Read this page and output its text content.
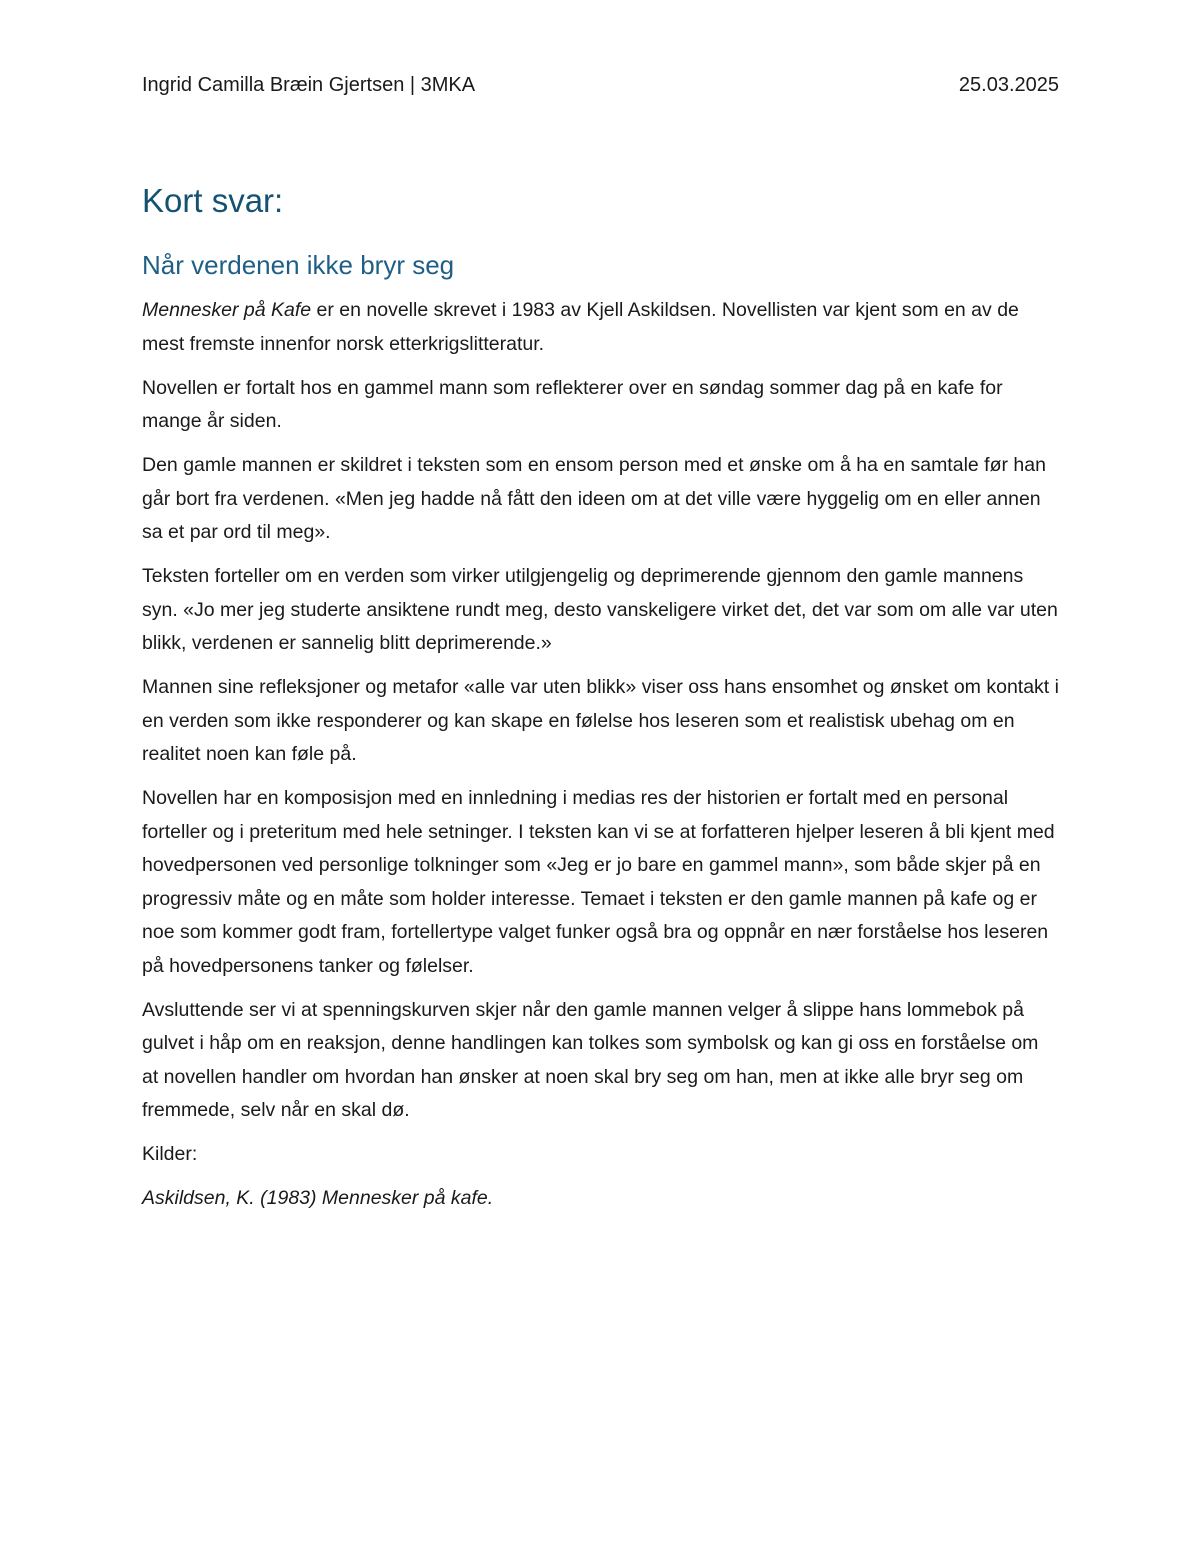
Ingrid Camilla Bræin Gjertsen | 3MKA	25.03.2025
Kort svar:
Når verdenen ikke bryr seg

Mennesker på Kafe er en novelle skrevet i 1983 av Kjell Askildsen. Novellisten var kjent som en av de mest fremste innenfor norsk etterkrigslitteratur.

Novellen er fortalt hos en gammel mann som reflekterer over en søndag sommer dag på en kafe for mange år siden.

Den gamle mannen er skildret i teksten som en ensom person med et ønske om å ha en samtale før han går bort fra verdenen. «Men jeg hadde nå fått den ideen om at det ville være hyggelig om en eller annen sa et par ord til meg».

Teksten forteller om en verden som virker utilgjengelig og deprimerende gjennom den gamle mannens syn. «Jo mer jeg studerte ansiktene rundt meg, desto vanskeligere virket det, det var som om alle var uten blikk, verdenen er sannelig blitt deprimerende.»

Mannen sine refleksjoner og metafor «alle var uten blikk» viser oss hans ensomhet og ønsket om kontakt i en verden som ikke responderer og kan skape en følelse hos leseren som et realistisk ubehag om en realitet noen kan føle på.

Novellen har en komposisjon med en innledning i medias res der historien er fortalt med en personal forteller og i preteritum med hele setninger. I teksten kan vi se at forfatteren hjelper leseren å bli kjent med hovedpersonen ved personlige tolkninger som «Jeg er jo bare en gammel mann», som både skjer på en progressiv måte og en måte som holder interesse. Temaet i teksten er den gamle mannen på kafe og er noe som kommer godt fram, fortellertype valget funker også bra og oppnår en nær forståelse hos leseren på hovedpersonens tanker og følelser.

Avsluttende ser vi at spenningskurven skjer når den gamle mannen velger å slippe hans lommebok på gulvet i håp om en reaksjon, denne handlingen kan tolkes som symbolsk og kan gi oss en forståelse om at novellen handler om hvordan han ønsker at noen skal bry seg om han, men at ikke alle bryr seg om fremmede, selv når en skal dø.

Kilder:

Askildsen, K. (1983) Mennesker på kafe.
